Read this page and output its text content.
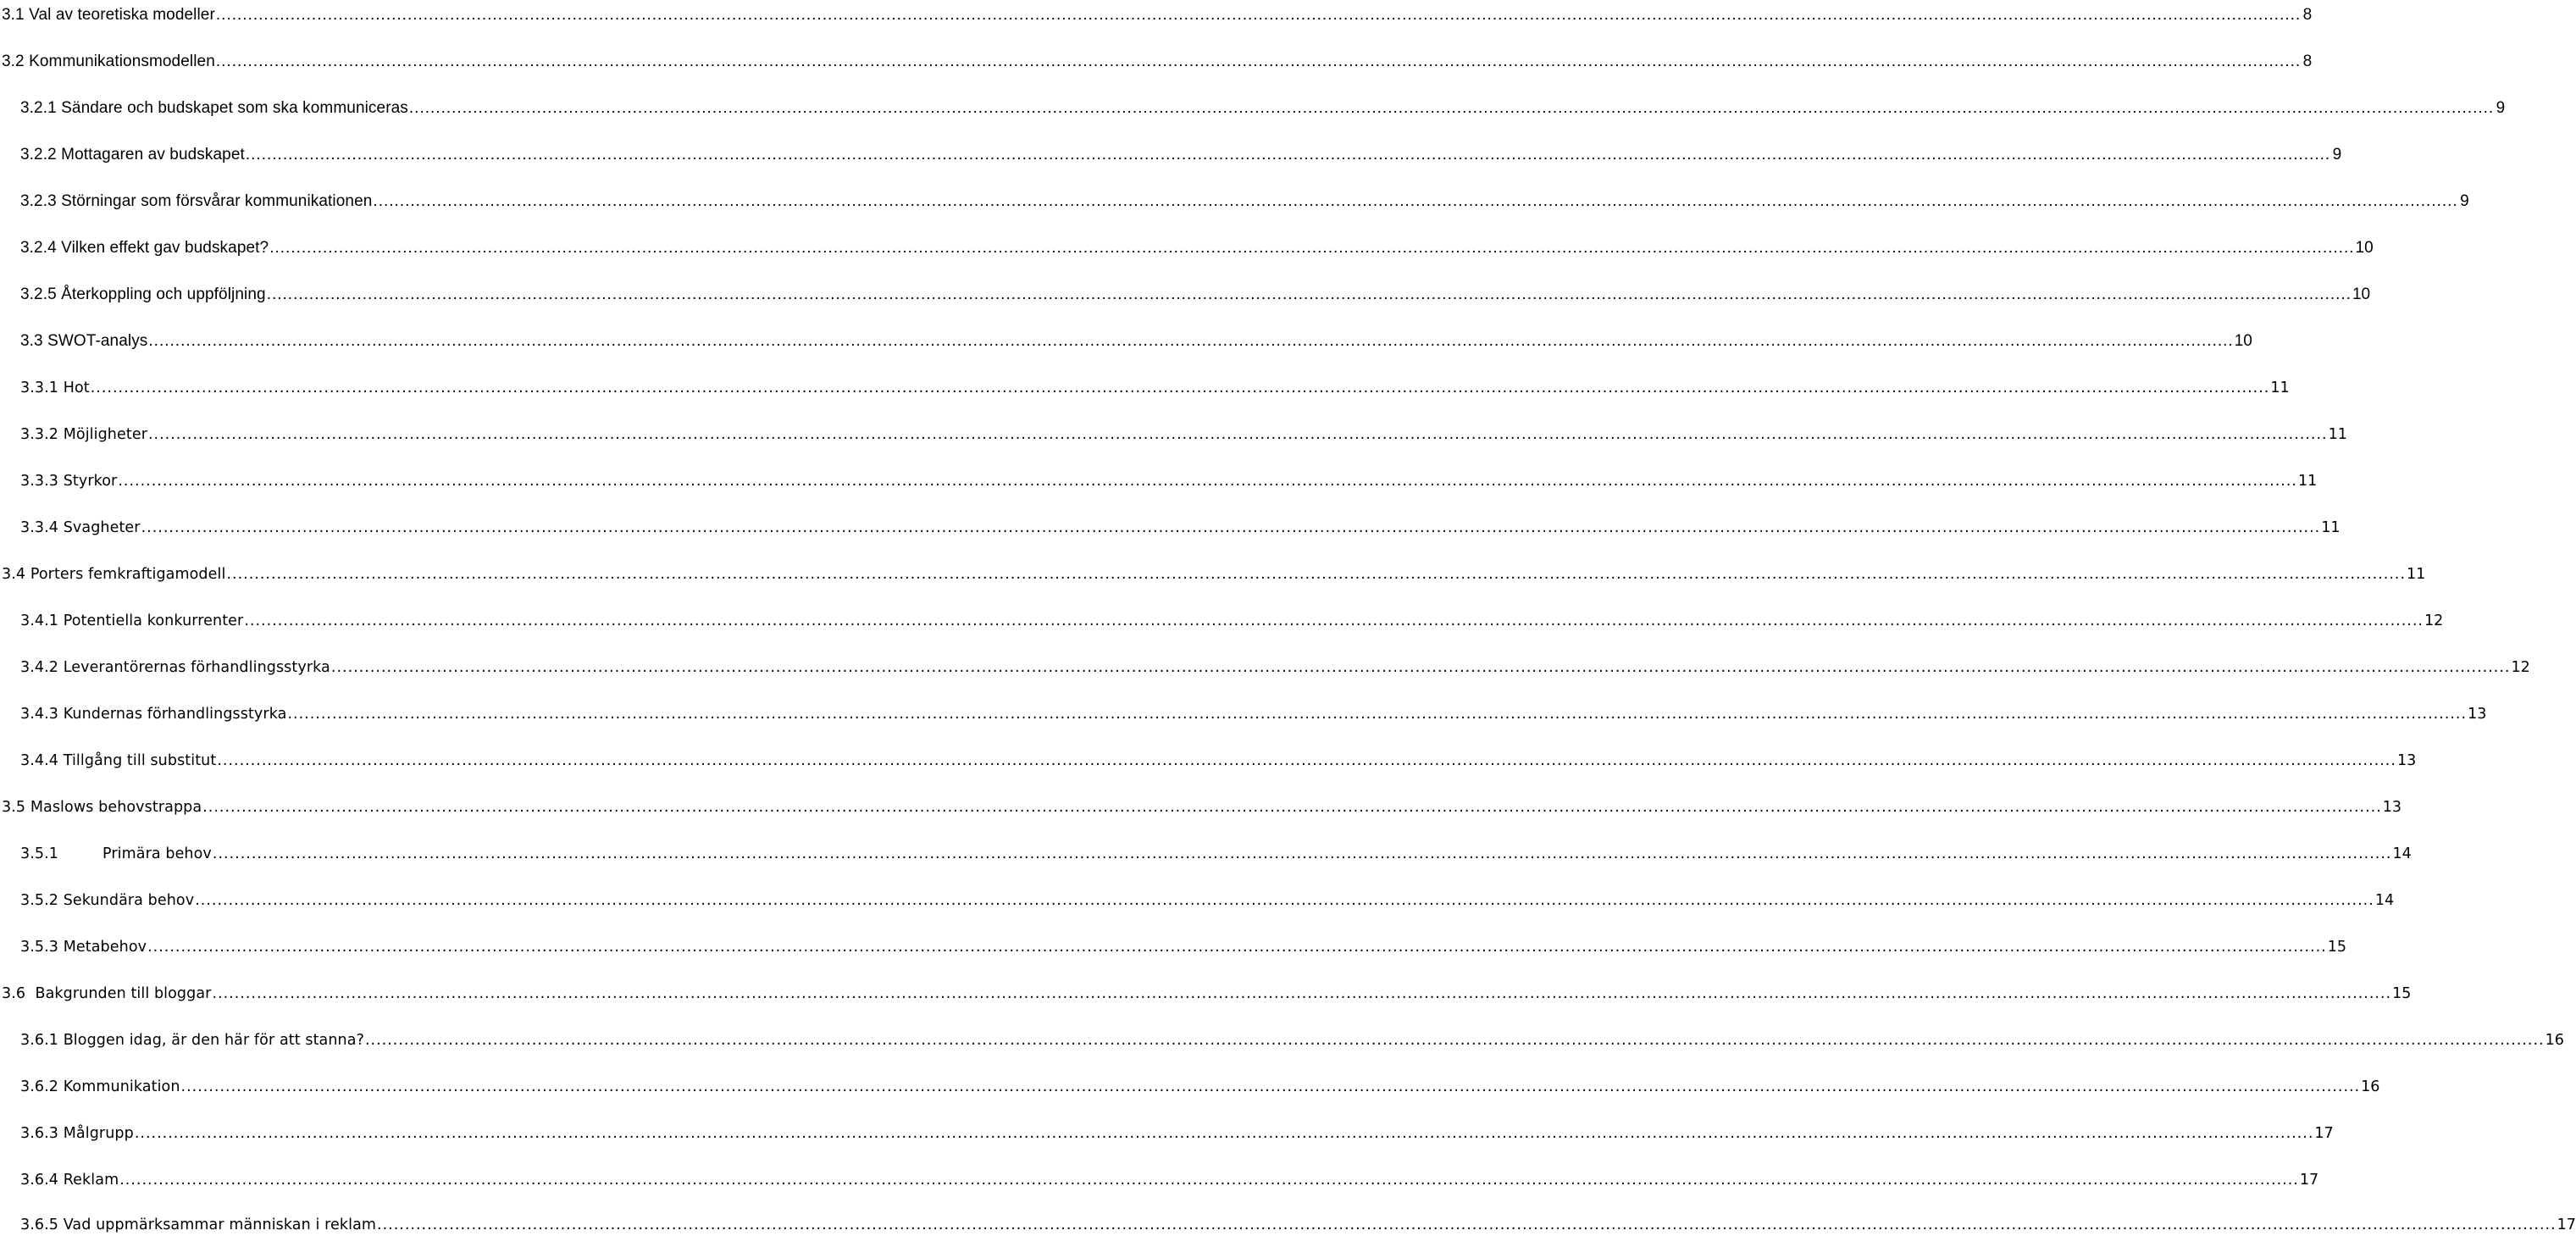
3.1 Val av teoretiska modeller .....	8
3.2 Kommunikationsmodellen .....	8
3.2.1 Sändare och budskapet som ska kommuniceras .....	9
3.2.2 Mottagaren av budskapet .....	9
3.2.3 Störningar som försvårar kommunikationen .....	9
3.2.4 Vilken effekt gav budskapet? .....	10
3.2.5 Återkoppling och uppföljning .....	10
3.3 SWOT-analys .....	10
3.3.1 Hot .....	11
3.3.2 Möjligheter .....	11
3.3.3 Styrkor .....	11
3.3.4 Svagheter .....	11
3.4 Porters femkraftigamodell .....	11
3.4.1 Potentiella konkurrenter .....	12
3.4.2 Leverantörernas förhandlingsstyrka .....	12
3.4.3 Kundernas förhandlingsstyrka .....	13
3.4.4 Tillgång till substitut .....	13
3.5 Maslows behovstrappa .....	13
3.5.1	Primära behov .....	14
3.5.2 Sekundära behov .....	14
3.5.3 Metabehov .....	15
3.6 Bakgrunden till bloggar .....	15
3.6.1 Bloggen idag, är den här för att stanna? .....	16
3.6.2 Kommunikation .....	16
3.6.3 Målgrupp .....	17
3.6.4 Reklam .....	17
3.6.5 Vad uppmärksammar människan i reklam .....	17
